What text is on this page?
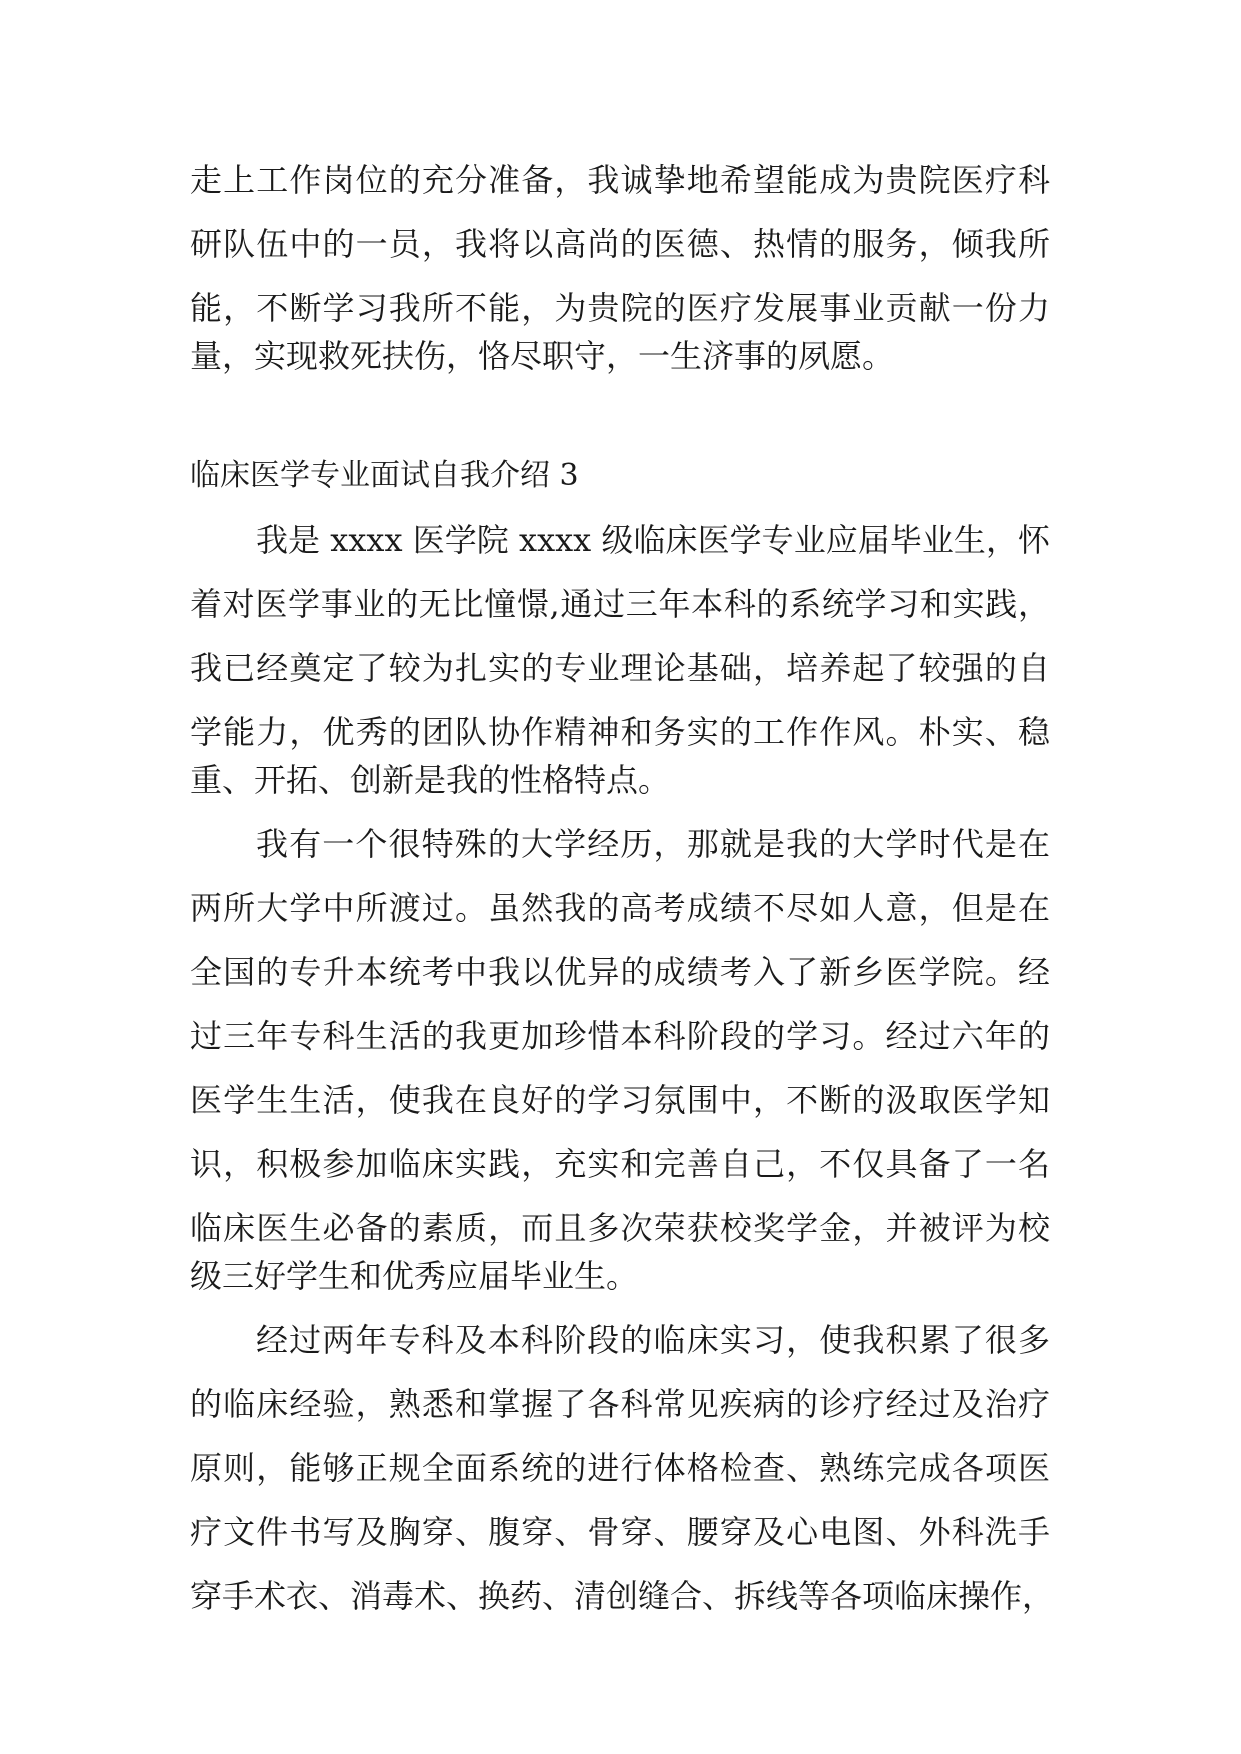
走上工作岗位的充分准备，我诚挚地希望能成为贵院医疗科
研队伍中的一员，我将以高尚的医德、热情的服务，倾我所
能，不断学习我所不能，为贵院的医疗发展事业贡献一份力
量，实现救死扶伤，恪尽职守，一生济事的夙愿。
临床医学专业面试自我介绍 3
我是 xxxx 医学院 xxxx 级临床医学专业应届毕业生，怀
着对医学事业的无比憧憬,通过三年本科的系统学习和实践，
我已经奠定了较为扎实的专业理论基础，培养起了较强的自
学能力，优秀的团队协作精神和务实的工作作风。朴实、稳
重、开拓、创新是我的性格特点。
我有一个很特殊的大学经历，那就是我的大学时代是在
两所大学中所渡过。虽然我的高考成绩不尽如人意，但是在
全国的专升本统考中我以优异的成绩考入了新乡医学院。经
过三年专科生活的我更加珍惜本科阶段的学习。经过六年的
医学生生活，使我在良好的学习氛围中，不断的汲取医学知
识，积极参加临床实践，充实和完善自己，不仅具备了一名
临床医生必备的素质，而且多次荣获校奖学金，并被评为校
级三好学生和优秀应届毕业生。
经过两年专科及本科阶段的临床实习，使我积累了很多
的临床经验，熟悉和掌握了各科常见疾病的诊疗经过及治疗
原则，能够正规全面系统的进行体格检查、熟练完成各项医
疗文件书写及胸穿、腹穿、骨穿、腰穿及心电图、外科洗手
穿手术衣、消毒术、换药、清创缝合、拆线等各项临床操作，
